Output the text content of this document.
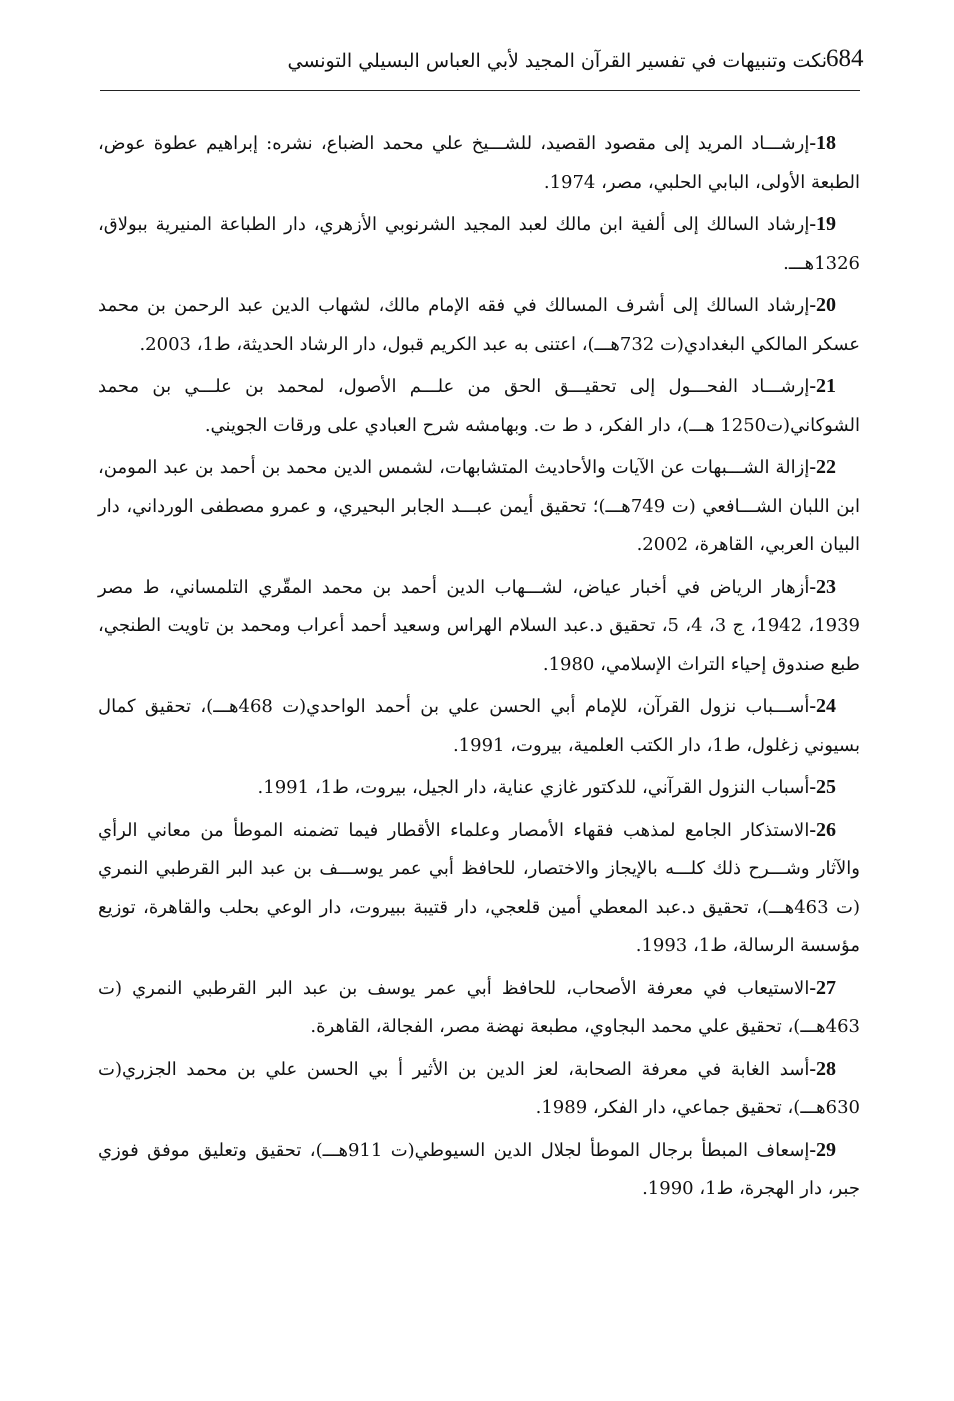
684
نكت وتنبيهات في تفسير القرآن المجيد لأبي العباس البسيلي التونسي

18-إرشـــاد المريد إلى مقصود القصيد، للشـــيخ علي محمد الضباع، نشره: إبراهيم عطوة عوض، الطبعة الأولى، البابي الحلبي، مصر، 1974.

19-إرشاد السالك إلى ألفية ابن مالك لعبد المجيد الشرنوبي الأزهري، دار الطباعة المنيرية ببولاق، 1326هـــ.

20-إرشاد السالك إلى أشرف المسالك في فقه الإمام مالك، لشهاب الدين عبد الرحمن بن محمد عسكر المالكي البغدادي(ت 732هـــ)، اعتنى به عبد الكريم قبول، دار الرشاد الحديثة، ط1، 2003.

21-إرشـــاد الفحـــول إلى تحقيـــق الحق من علـــم الأصول، لمحمد بن علـــي بن محمد الشوكاني(ت1250 هـــ)، دار الفكر، د ط ت. وبهامشه شرح العبادي على ورقات الجويني.

22-إزالة الشـــبهات عن الآيات والأحاديث المتشابهات، لشمس الدين محمد بن أحمد بن عبد المومن، ابن اللبان الشـــافعي (ت 749هـــ)؛ تحقيق أيمن عبـــد الجابر البحيري، و عمرو مصطفى الورداني، دار البيان العربي، القاهرة، 2002.

23-أزهار الرياض في أخبار عياض، لشـــهاب الدين أحمد بن محمد المقّري التلمساني، ط مصر 1939، 1942، ج 3، 4، 5، تحقيق د.عبد السلام الهراس وسعيد أحمد أعراب ومحمد بن تاويت الطنجي، طبع صندوق إحياء التراث الإسلامي، 1980.

24-أســـباب نزول القرآن، للإمام أبي الحسن علي بن أحمد الواحدي(ت 468هـــ)، تحقيق كمال بسيوني زغلول، ط1، دار الكتب العلمية، بيروت، 1991.

25-أسباب النزول القرآني، للدكتور غازي عناية، دار الجيل، بيروت، ط1، 1991.

26-الاستذكار الجامع لمذهب فقهاء الأمصار وعلماء الأقطار فيما تضمنه الموطأ من معاني الرأي والآثار وشـــرح ذلك كلـــه بالإيجاز والاختصار، للحافظ أبي عمر يوســـف بن عبد البر القرطبي النمري (ت 463هـــ)، تحقيق د.عبد المعطي أمين قلعجي، دار قتيبة ببيروت، دار الوعي بحلب والقاهرة، توزيع مؤسسة الرسالة، ط1، 1993.

27-الاستيعاب في معرفة الأصحاب، للحافظ أبي عمر يوسف بن عبد البر القرطبي النمري (ت 463هـــ)، تحقيق علي محمد البجاوي، مطبعة نهضة مصر، الفجالة، القاهرة.

28-أسد الغابة في معرفة الصحابة، لعز الدين بن الأثير أ بي الحسن علي بن محمد الجزري(ت 630هـــ)، تحقيق جماعي، دار الفكر، 1989.

29-إسعاف المبطأ برجال الموطأ لجلال الدين السيوطي(ت 911هـــ)، تحقيق وتعليق موفق فوزي جبر، دار الهجرة، ط1، 1990.
